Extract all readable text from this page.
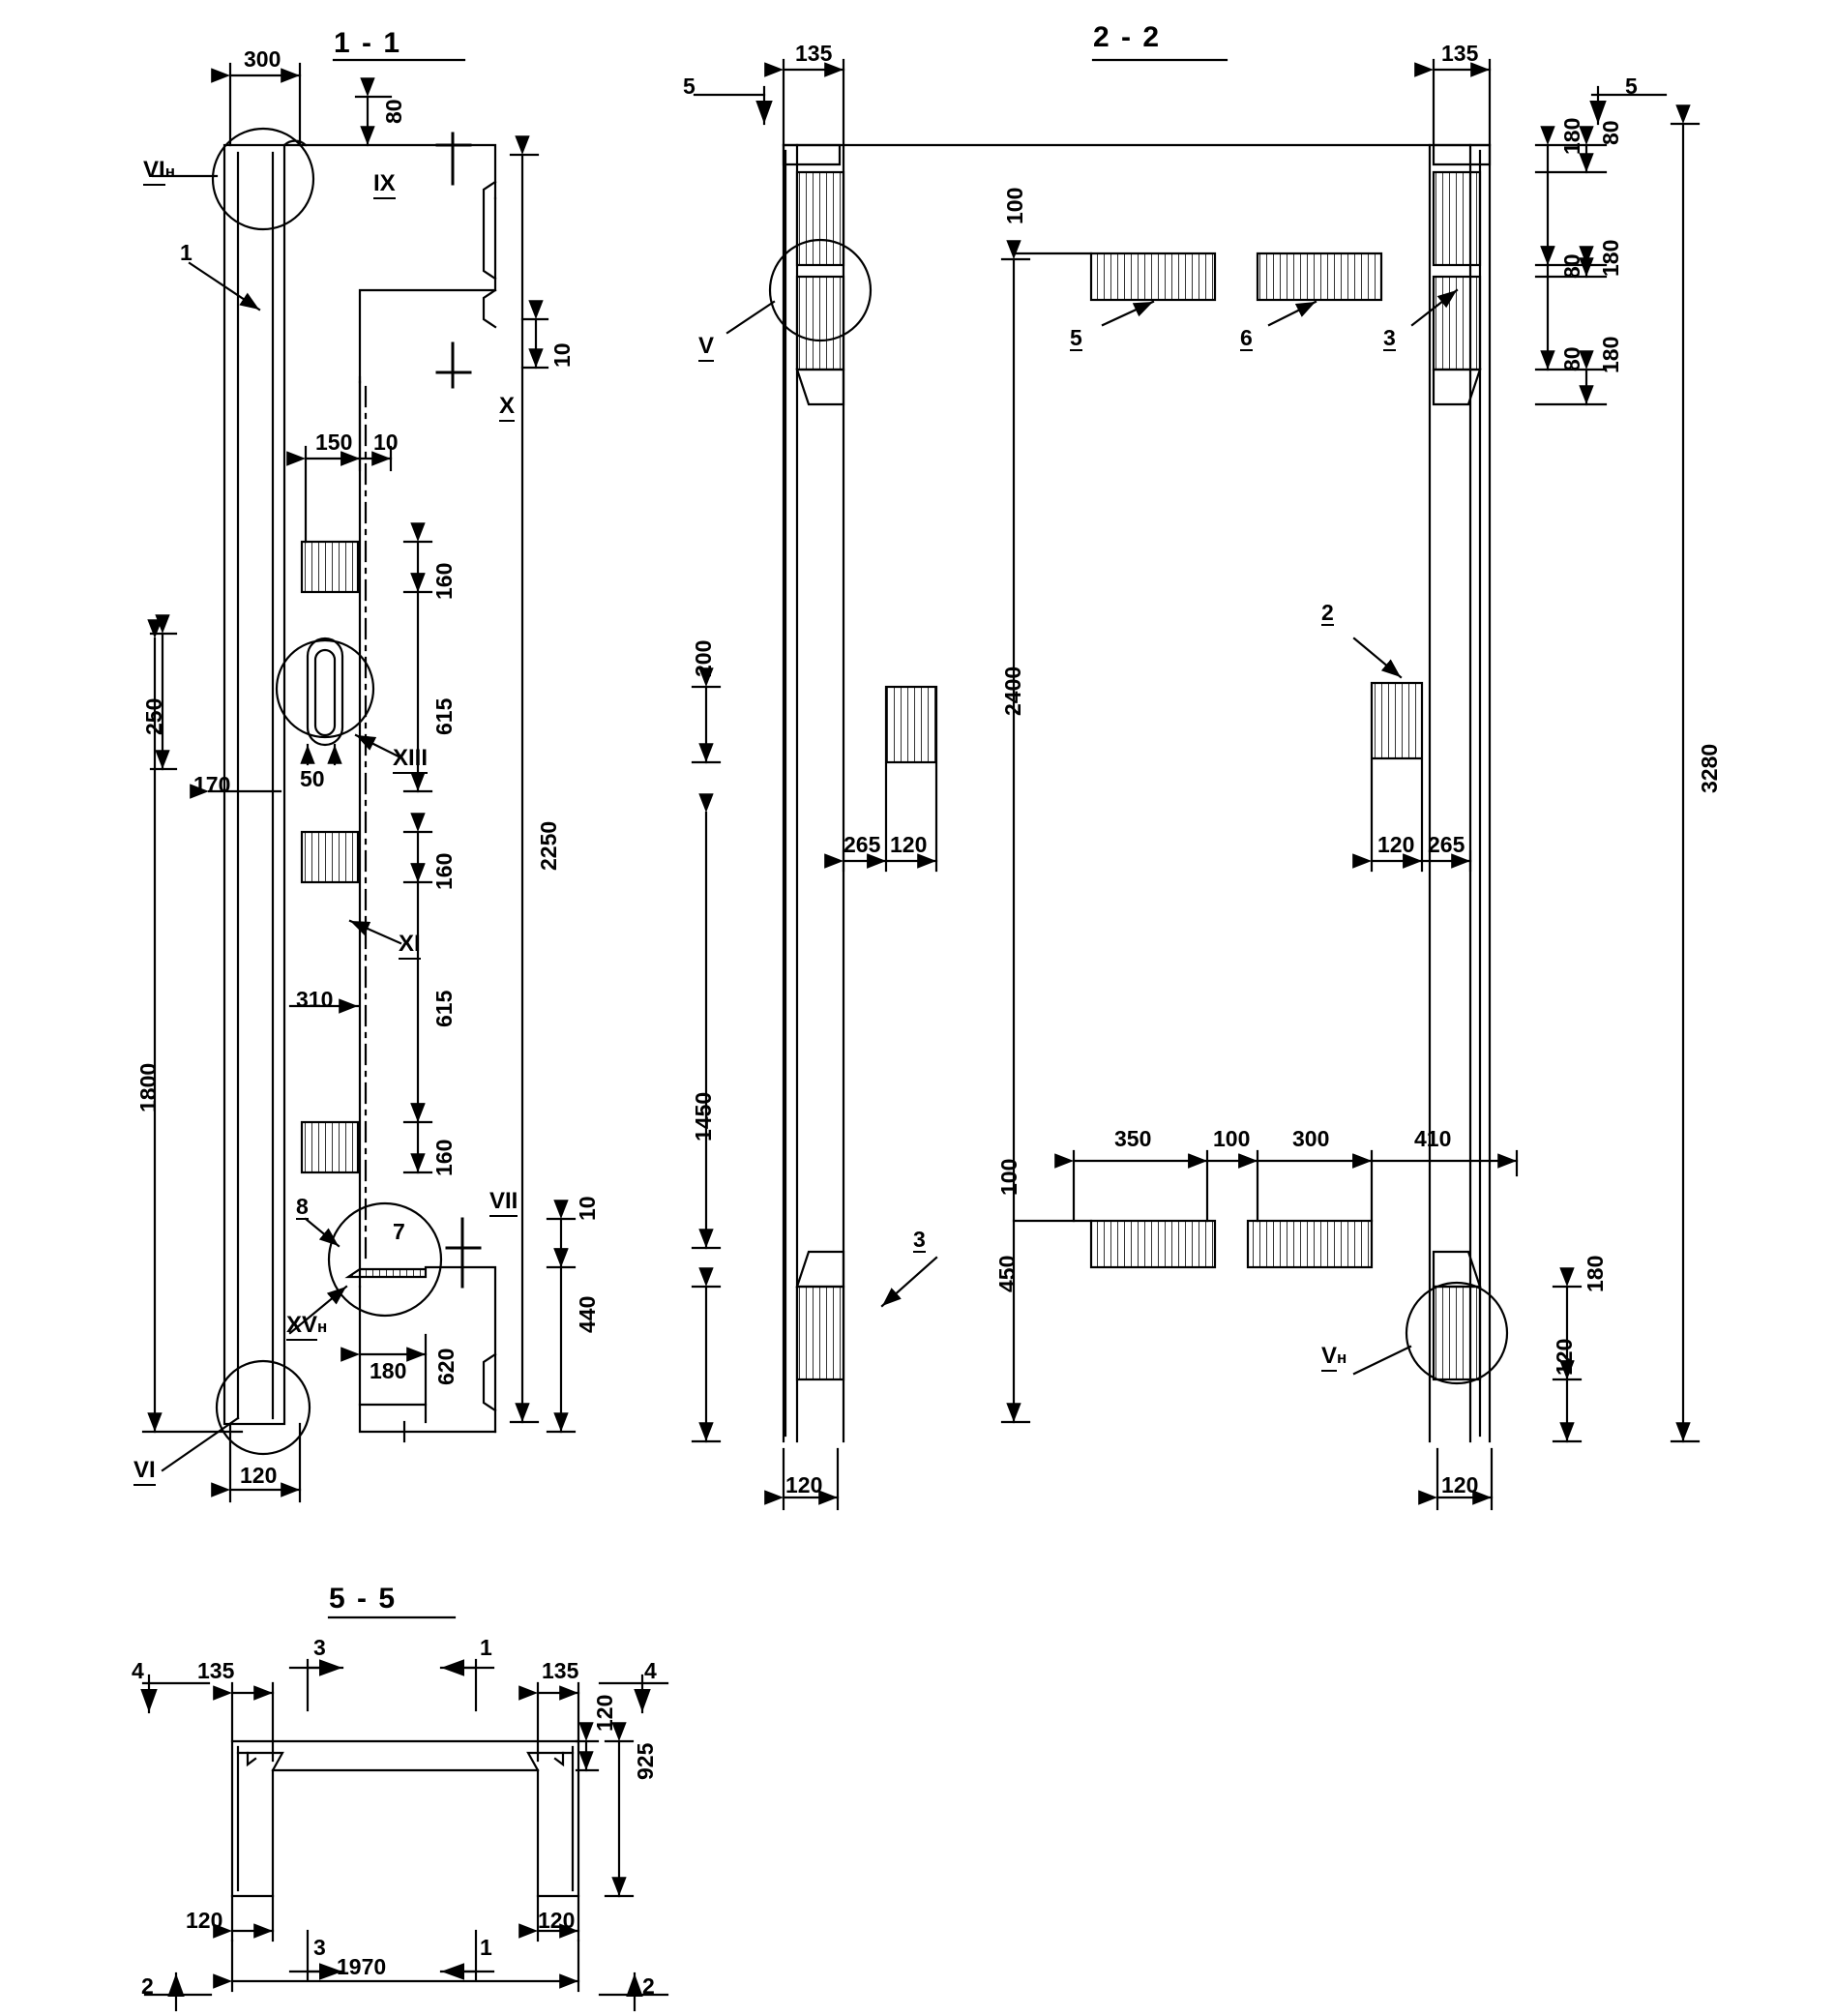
1 - 1	2 - 2
5 - 5
300
80
10
150 10
160
615
250
170	50
2250
160
310	615
1800
160
10
180
440
620
120
1
7
8
VIн	IX
X
XIII
XI
VII
XVн
VI
135	135
180 80
80 180
180
80
3280
100
200
2400
265 120	120 265
1450	350	100 300	410
100
450	180
120
120	120
5	6	3
2
3
V
Vн
5	5
135	135
120
925
120	120
1970
4	4
3	1
3	1
2	2
